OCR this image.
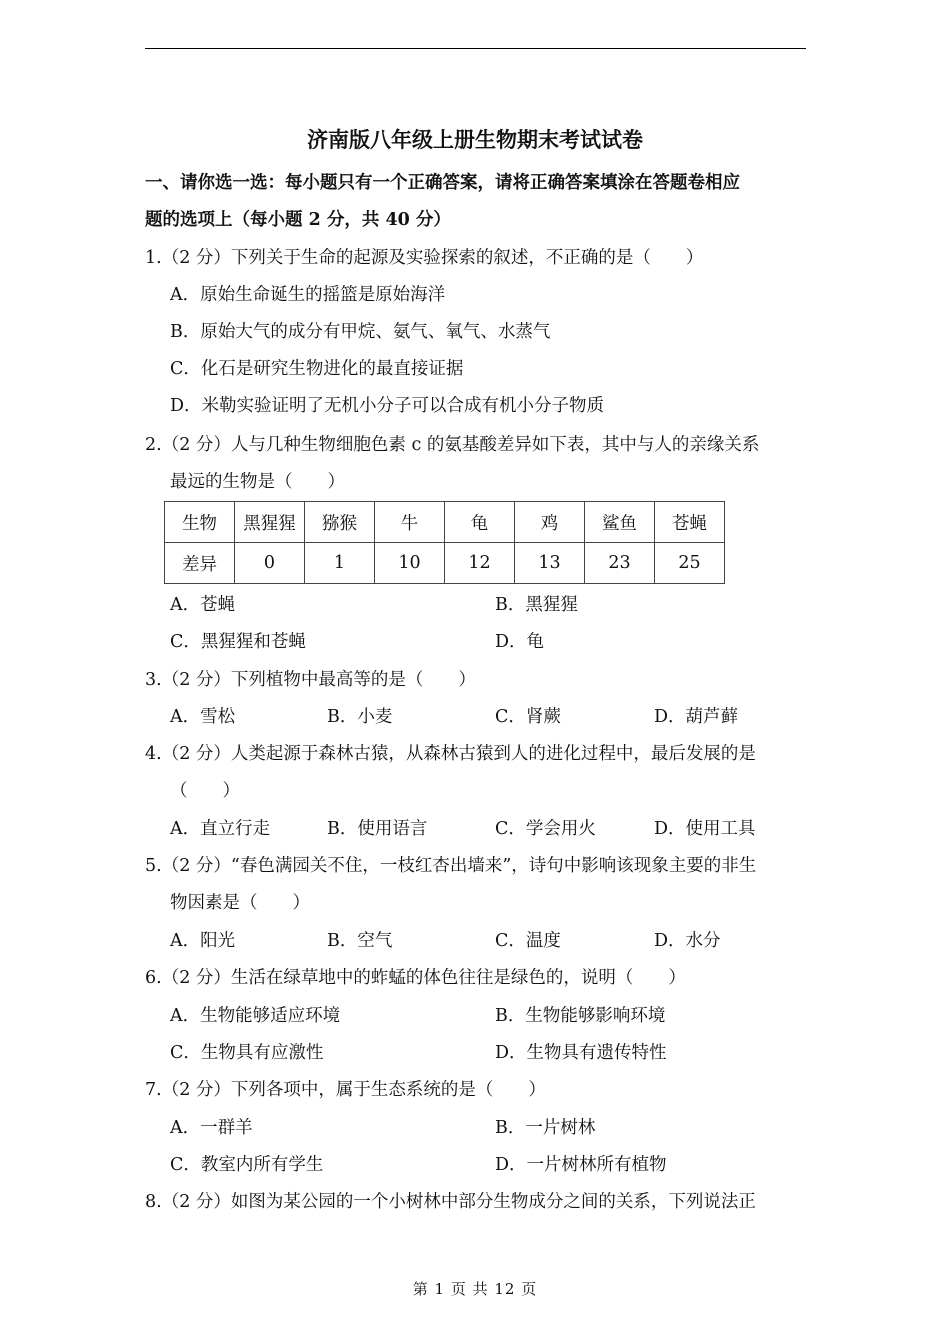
济南版八年级上册生物期末考试试卷
一、请你选一选：每小题只有一个正确答案，请将正确答案填涂在答题卷相应
题的选项上（每小题 2 分，共 40 分）
1.（2 分）下列关于生命的起源及实验探索的叙述，不正确的是（　　）
A．原始生命诞生的摇篮是原始海洋
B．原始大气的成分有甲烷、氨气、氧气、水蒸气
C．化石是研究生物进化的最直接证据
D．米勒实验证明了无机小分子可以合成有机小分子物质
2.（2 分）人与几种生物细胞色素 c 的氨基酸差异如下表，其中与人的亲缘关系
最远的生物是（　　）
生物	黑猩猩	猕猴	牛	龟	鸡	鲨鱼	苍蝇
差异	0	1	10	12	13	23	25
A．苍蝇	B．黑猩猩
C．黑猩猩和苍蝇	D．龟
3.（2 分）下列植物中最高等的是（　　）
A．雪松	B．小麦	C．肾蕨	D．葫芦藓
4.（2 分）人类起源于森林古猿，从森林古猿到人的进化过程中，最后发展的是
（　　）
A．直立行走	B．使用语言	C．学会用火	D．使用工具
5.（2 分）“春色满园关不住，一枝红杏出墙来”，诗句中影响该现象主要的非生
物因素是（　　）
A．阳光	B．空气	C．温度	D．水分
6.（2 分）生活在绿草地中的蚱蜢的体色往往是绿色的，说明（　　）
A．生物能够适应环境	B．生物能够影响环境
C．生物具有应激性	D．生物具有遗传特性
7.（2 分）下列各项中，属于生态系统的是（　　）
A．一群羊	B．一片树林
C．教室内所有学生	D．一片树林所有植物
8.（2 分）如图为某公园的一个小树林中部分生物成分之间的关系，下列说法正
第 1 页 共 12 页
